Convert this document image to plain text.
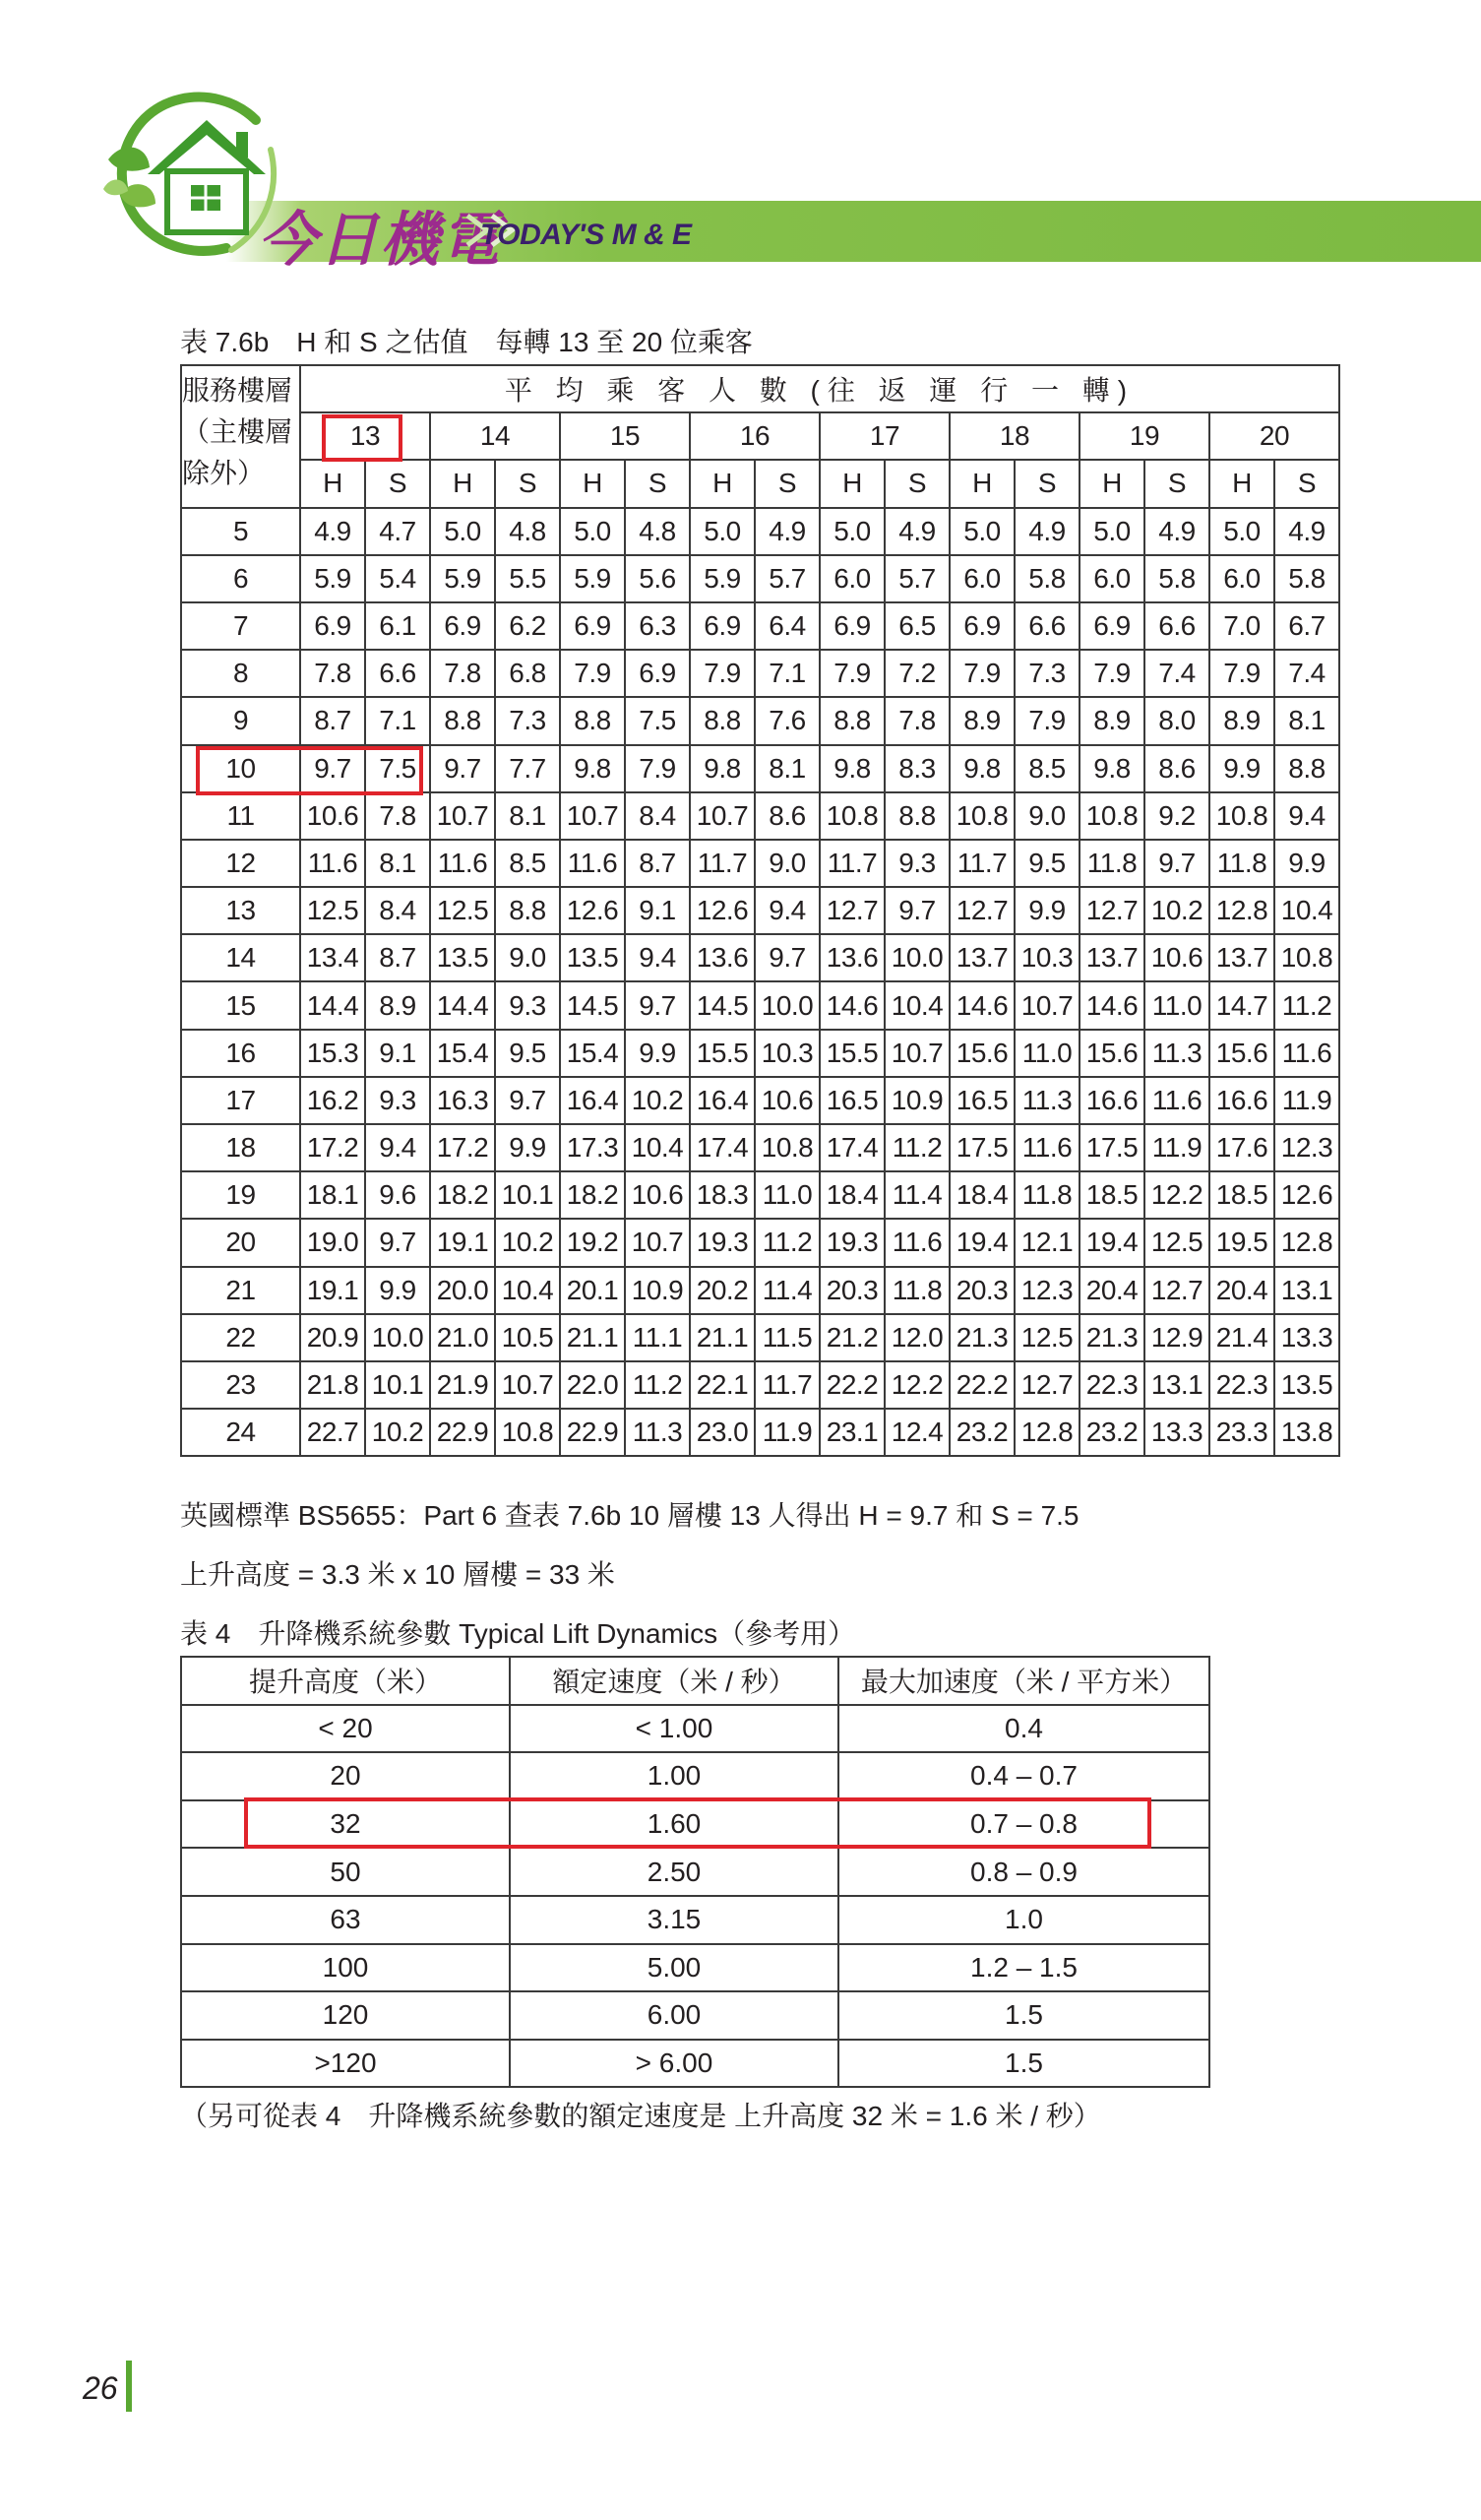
今日機電
TODAY'S M & E
表 7.6b　H 和 S 之估值　每轉 13 至 20 位乘客
服務樓層
（主樓層
除外）	平 均 乘 客 人 數 (往 返 運 行 一 轉)															
	13		14		15		16		17		18		19		20	
	H	S	H	S	H	S	H	S	H	S	H	S	H	S	H	S
5	4.9	4.7	5.0	4.8	5.0	4.8	5.0	4.9	5.0	4.9	5.0	4.9	5.0	4.9	5.0	4.9
6	5.9	5.4	5.9	5.5	5.9	5.6	5.9	5.7	6.0	5.7	6.0	5.8	6.0	5.8	6.0	5.8
7	6.9	6.1	6.9	6.2	6.9	6.3	6.9	6.4	6.9	6.5	6.9	6.6	6.9	6.6	7.0	6.7
8	7.8	6.6	7.8	6.8	7.9	6.9	7.9	7.1	7.9	7.2	7.9	7.3	7.9	7.4	7.9	7.4
9	8.7	7.1	8.8	7.3	8.8	7.5	8.8	7.6	8.8	7.8	8.9	7.9	8.9	8.0	8.9	8.1
10	9.7	7.5	9.7	7.7	9.8	7.9	9.8	8.1	9.8	8.3	9.8	8.5	9.8	8.6	9.9	8.8
11	10.6	7.8	10.7	8.1	10.7	8.4	10.7	8.6	10.8	8.8	10.8	9.0	10.8	9.2	10.8	9.4
12	11.6	8.1	11.6	8.5	11.6	8.7	11.7	9.0	11.7	9.3	11.7	9.5	11.8	9.7	11.8	9.9
13	12.5	8.4	12.5	8.8	12.6	9.1	12.6	9.4	12.7	9.7	12.7	9.9	12.7	10.2	12.8	10.4
14	13.4	8.7	13.5	9.0	13.5	9.4	13.6	9.7	13.6	10.0	13.7	10.3	13.7	10.6	13.7	10.8
15	14.4	8.9	14.4	9.3	14.5	9.7	14.5	10.0	14.6	10.4	14.6	10.7	14.6	11.0	14.7	11.2
16	15.3	9.1	15.4	9.5	15.4	9.9	15.5	10.3	15.5	10.7	15.6	11.0	15.6	11.3	15.6	11.6
17	16.2	9.3	16.3	9.7	16.4	10.2	16.4	10.6	16.5	10.9	16.5	11.3	16.6	11.6	16.6	11.9
18	17.2	9.4	17.2	9.9	17.3	10.4	17.4	10.8	17.4	11.2	17.5	11.6	17.5	11.9	17.6	12.3
19	18.1	9.6	18.2	10.1	18.2	10.6	18.3	11.0	18.4	11.4	18.4	11.8	18.5	12.2	18.5	12.6
20	19.0	9.7	19.1	10.2	19.2	10.7	19.3	11.2	19.3	11.6	19.4	12.1	19.4	12.5	19.5	12.8
21	19.1	9.9	20.0	10.4	20.1	10.9	20.2	11.4	20.3	11.8	20.3	12.3	20.4	12.7	20.4	13.1
22	20.9	10.0	21.0	10.5	21.1	11.1	21.1	11.5	21.2	12.0	21.3	12.5	21.3	12.9	21.4	13.3
23	21.8	10.1	21.9	10.7	22.0	11.2	22.1	11.7	22.2	12.2	22.2	12.7	22.3	13.1	22.3	13.5
24	22.7	10.2	22.9	10.8	22.9	11.3	23.0	11.9	23.1	12.4	23.2	12.8	23.2	13.3	23.3	13.8
英國標準 BS5655：Part 6 查表 7.6b 10 層樓 13 人得出 H = 9.7 和 S = 7.5
上升高度 = 3.3 米 x 10 層樓 = 33 米
表 4　升降機系統參數 Typical Lift Dynamics（參考用）
提升高度（米）	額定速度（米 / 秒）	最大加速度（米 / 平方米）
< 20	< 1.00	0.4
20	1.00	0.4 – 0.7
32	1.60	0.7 – 0.8
50	2.50	0.8 – 0.9
63	3.15	1.0
100	5.00	1.2 – 1.5
120	6.00	1.5
>120	> 6.00	1.5
（另可從表 4　升降機系統參數的額定速度是 上升高度 32 米 = 1.6 米 / 秒）
26
